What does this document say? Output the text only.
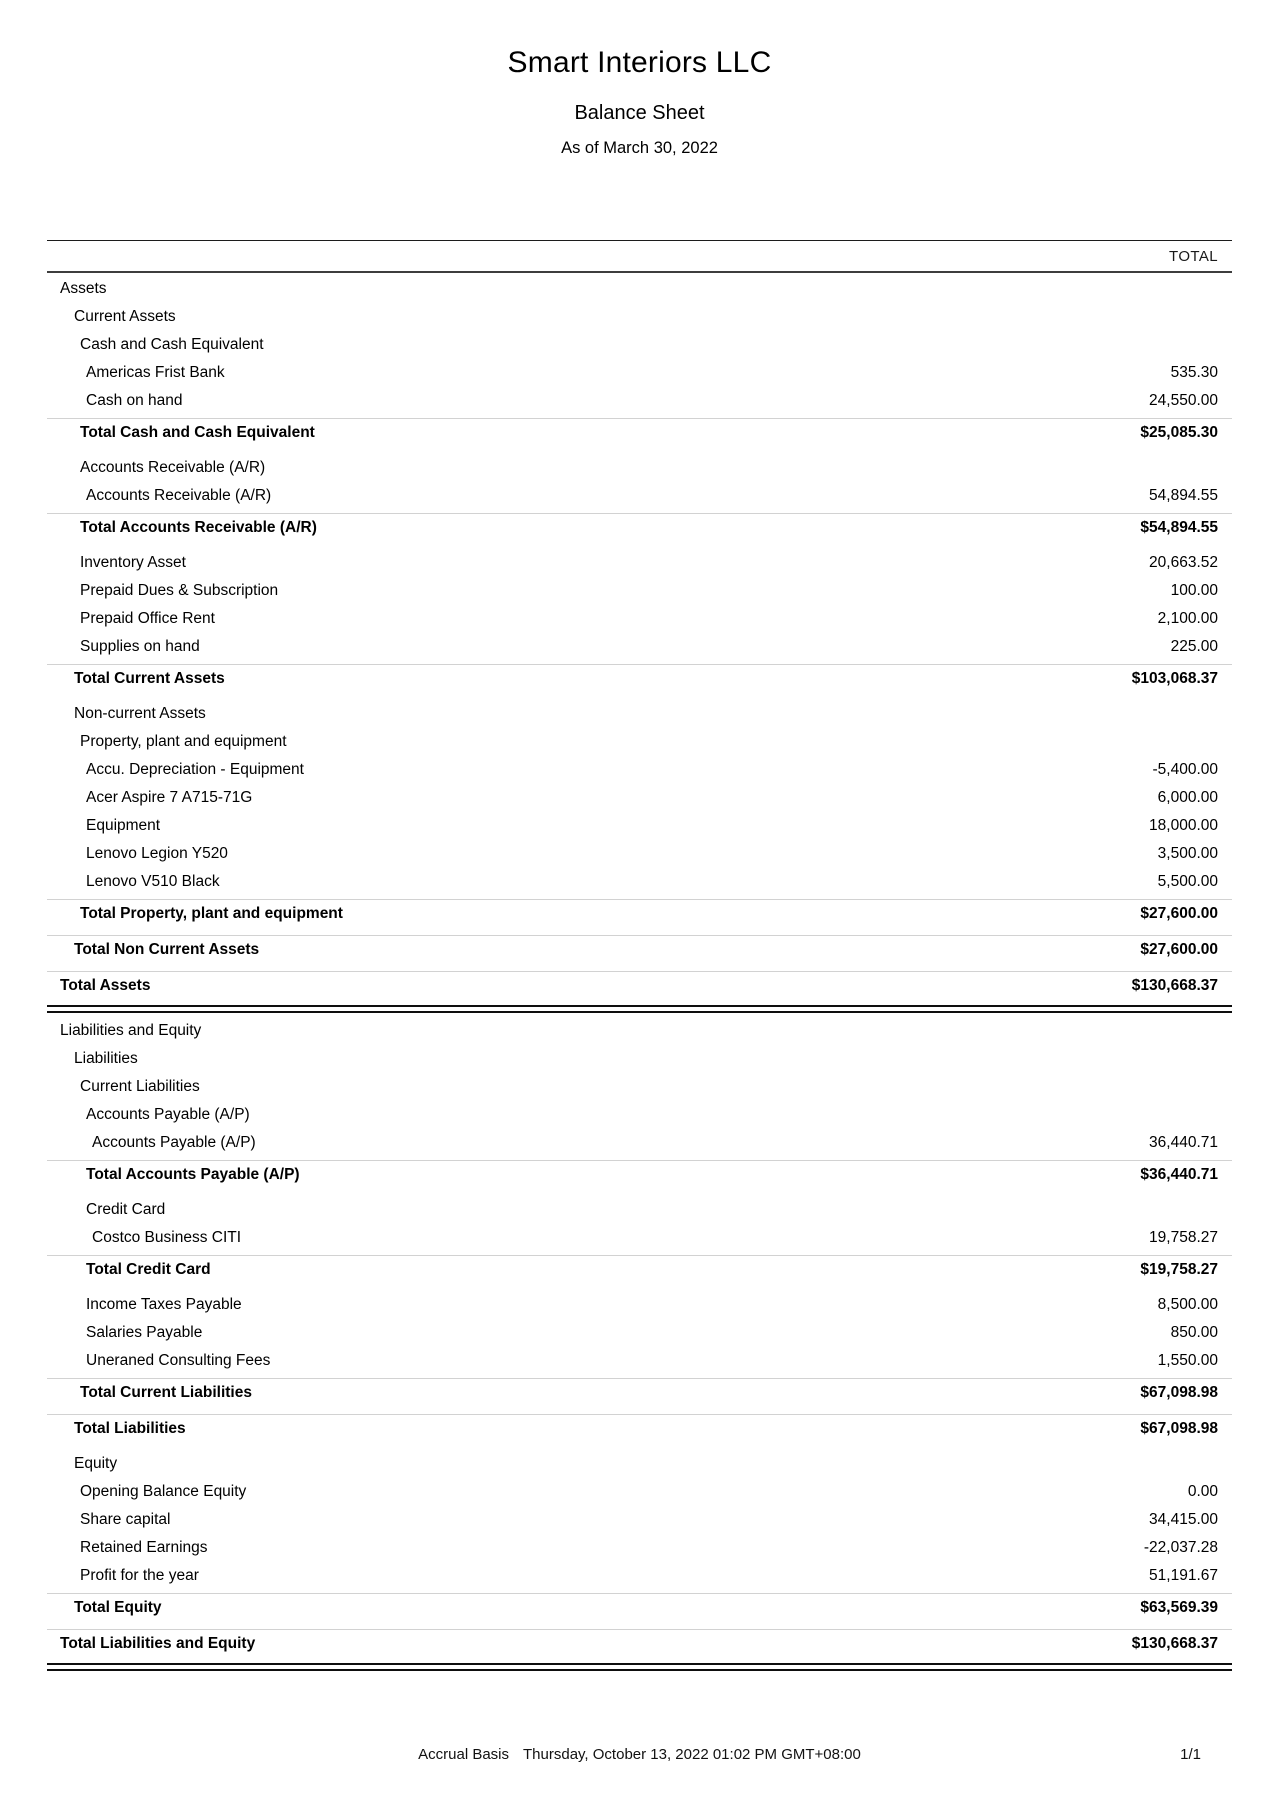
Smart Interiors LLC
Balance Sheet
As of March 30, 2022
TOTAL
Assets
Current Assets
Cash and Cash Equivalent
Americas Frist Bank	535.30
Cash on hand	24,550.00
Total Cash and Cash Equivalent	$25,085.30
Accounts Receivable (A/R)
Accounts Receivable (A/R)	54,894.55
Total Accounts Receivable (A/R)	$54,894.55
Inventory Asset	20,663.52
Prepaid Dues & Subscription	100.00
Prepaid Office Rent	2,100.00
Supplies on hand	225.00
Total Current Assets	$103,068.37
Non-current Assets
Property, plant and equipment
Accu. Depreciation - Equipment	-5,400.00
Acer Aspire 7 A715-71G	6,000.00
Equipment	18,000.00
Lenovo Legion Y520	3,500.00
Lenovo V510 Black	5,500.00
Total Property, plant and equipment	$27,600.00
Total Non Current Assets	$27,600.00
Total Assets	$130,668.37
Liabilities and Equity
Liabilities
Current Liabilities
Accounts Payable (A/P)
Accounts Payable (A/P)	36,440.71
Total Accounts Payable (A/P)	$36,440.71
Credit Card
Costco Business CITI	19,758.27
Total Credit Card	$19,758.27
Income Taxes Payable	8,500.00
Salaries Payable	850.00
Uneraned Consulting Fees	1,550.00
Total Current Liabilities	$67,098.98
Total Liabilities	$67,098.98
Equity
Opening Balance Equity	0.00
Share capital	34,415.00
Retained Earnings	-22,037.28
Profit for the year	51,191.67
Total Equity	$63,569.39
Total Liabilities and Equity	$130,668.37
Accrual Basis Thursday, October 13, 2022 01:02 PM GMT+08:00	1/1
